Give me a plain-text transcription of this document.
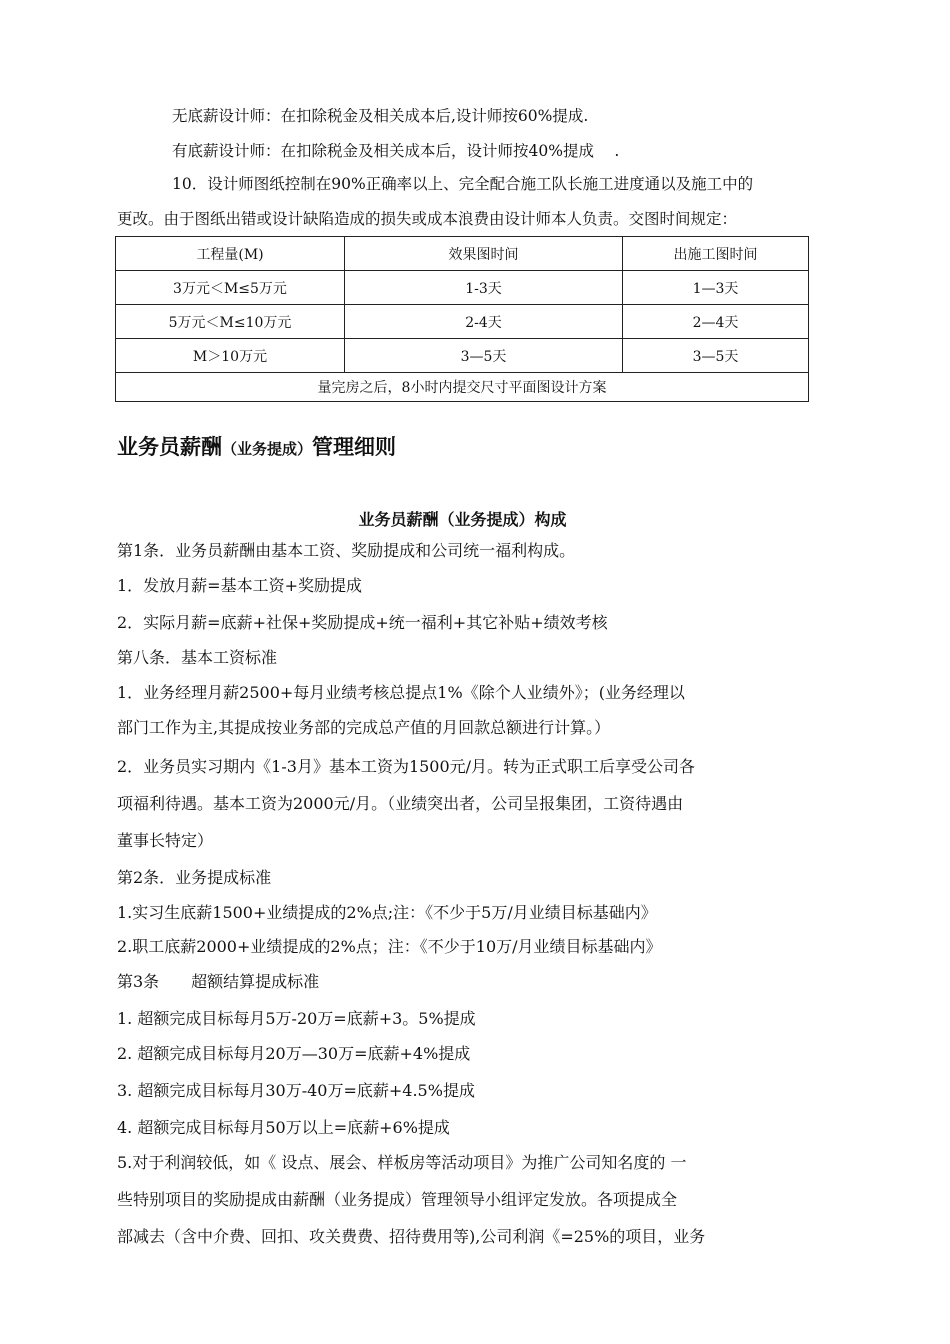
无底薪设计师：在扣除税金及相关成本后,设计师按60%提成.
有底薪设计师：在扣除税金及相关成本后，设计师按40%提成　 .
10．设计师图纸控制在90%正确率以上、完全配合施工队长施工进度通以及施工中的
更改。由于图纸出错或设计缺陷造成的损失或成本浪费由设计师本人负责。交图时间规定：
工程量(M)	效果图时间	出施工图时间
3万元＜M≤5万元	1-3天	1—3天
5万元＜M≤10万元	2-4天	2—4天
M＞10万元	3—5天	3—5天
量完房之后，8小时内提交尺寸平面图设计方案		
业务员薪酬（业务提成）管理细则
业务员薪酬（业务提成）构成
第1条．业务员薪酬由基本工资、奖励提成和公司统一福利构成。
1．发放月薪=基本工资+奖励提成
2．实际月薪=底薪+社保+奖励提成+统一福利+其它补贴+绩效考核
第八条．基本工资标准
1．业务经理月薪2500+每月业绩考核总提点1%《除个人业绩外》；(业务经理以
部门工作为主,其提成按业务部的完成总产值的月回款总额进行计算。）
2．业务员实习期内《1-3月》基本工资为1500元/月。转为正式职工后享受公司各
项福利待遇。基本工资为2000元/月。（业绩突出者，公司呈报集团，工资待遇由
董事长特定）
第2条．业务提成标准
1.实习生底薪1500+业绩提成的2%点;注：《不少于5万/月业绩目标基础内》
2.职工底薪2000+业绩提成的2%点；注：《不少于10万/月业绩目标基础内》
第3条　　超额结算提成标准
1. 超额完成目标每月5万-20万=底薪+3。5%提成
2. 超额完成目标每月20万—30万=底薪+4%提成
3. 超额完成目标每月30万-40万=底薪+4.5%提成
4. 超额完成目标每月50万以上=底薪+6%提成
5.对于利润较低，如《 设点、展会、样板房等活动项目》为推广公司知名度的 一
些特别项目的奖励提成由薪酬（业务提成）管理领导小组评定发放。各项提成全
部减去（含中介费、回扣、攻关费费、招待费用等),公司利润《=25%的项目，业务
